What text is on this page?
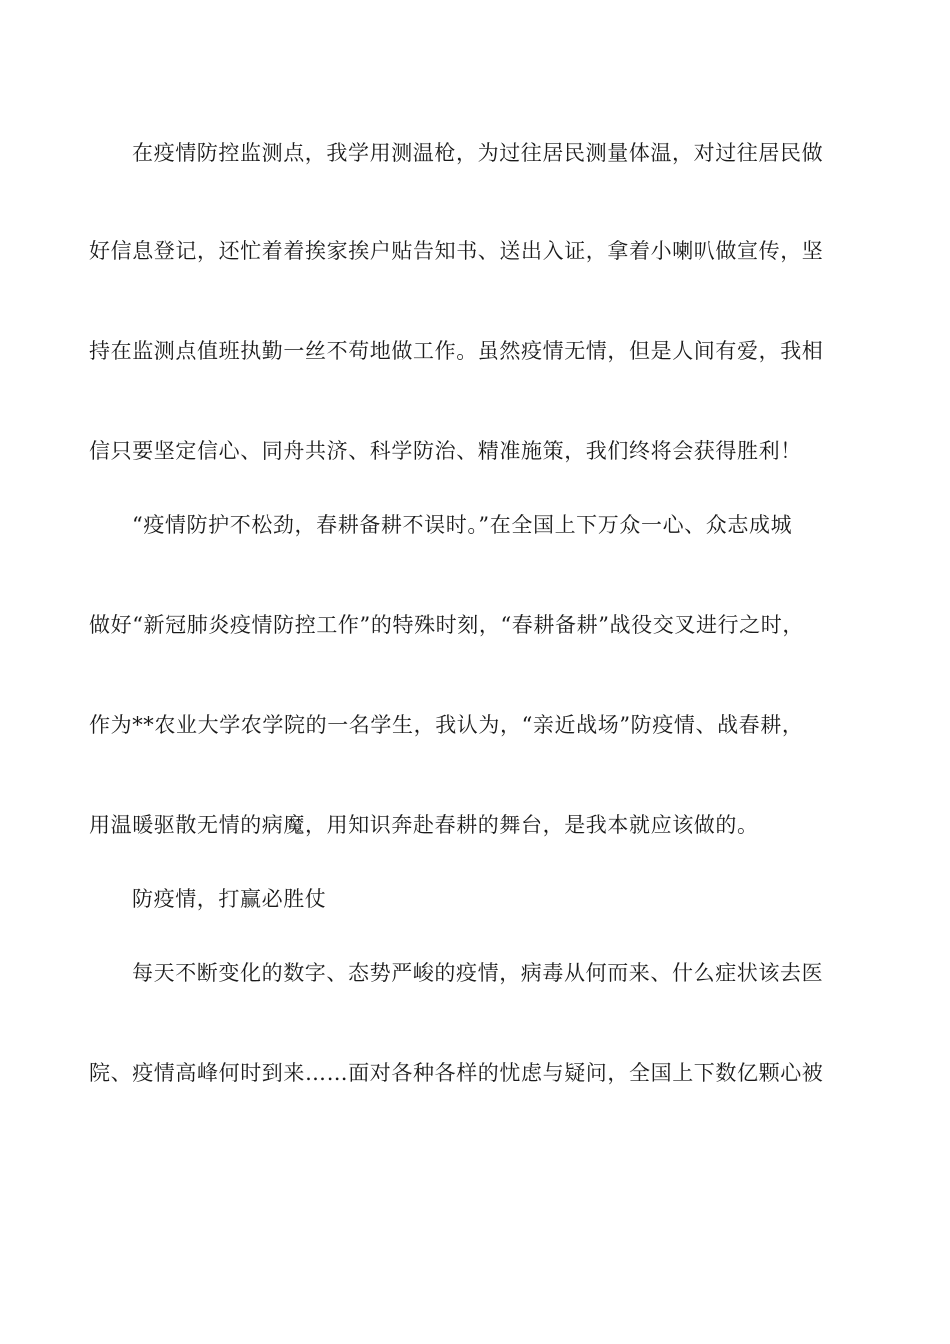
在疫情防控监测点，我学用测温枪，为过往居民测量体温，对过往居民做
好信息登记，还忙着着挨家挨户贴告知书、送出入证，拿着小喇叭做宣传，坚
持在监测点值班执勤一丝不苟地做工作。虽然疫情无情，但是人间有爱，我相
信只要坚定信心、同舟共济、科学防治、精准施策，我们终将会获得胜利！
“疫情防护不松劲，春耕备耕不误时。”在全国上下万众一心、众志成城
做好“新冠肺炎疫情防控工作”的特殊时刻，“春耕备耕”战役交叉进行之时，
作为**农业大学农学院的一名学生，我认为，“亲近战场”防疫情、战春耕，
用温暖驱散无情的病魔，用知识奔赴春耕的舞台，是我本就应该做的。
防疫情，打赢必胜仗
每天不断变化的数字、态势严峻的疫情，病毒从何而来、什么症状该去医
院、疫情高峰何时到来……面对各种各样的忧虑与疑问，全国上下数亿颗心被
